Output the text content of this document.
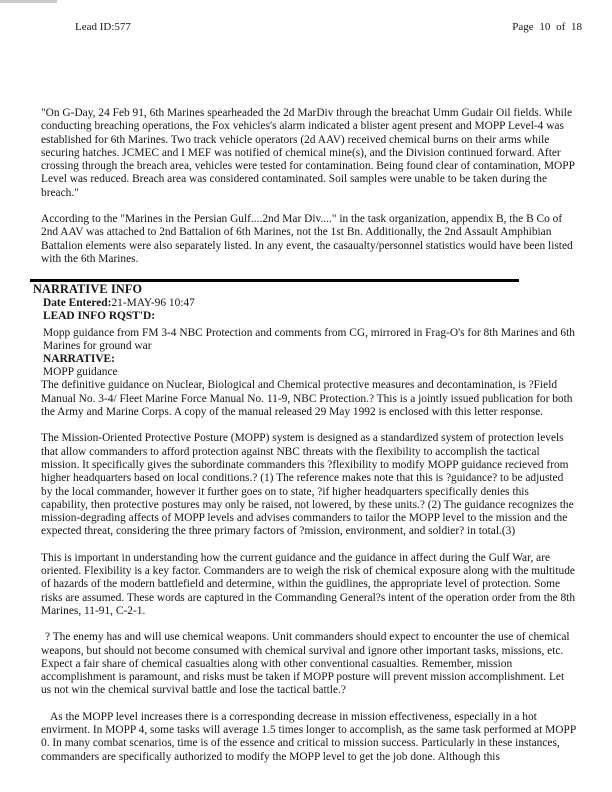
Lead ID:577	Page 10 of 18

"On G-Day, 24 Feb 91, 6th Marines spearheaded the 2d MarDiv through the breachat Umm Gudair Oil fields. While conducting breaching operations, the Fox vehicles's alarm indicated a blister agent present and MOPP Level-4 was established for 6th Marines. Two track vehicle operators (2d AAV) received chemical burns on their arms while securing hatches. JCMEC and I MEF was notified of chemical mine(s), and the Division continued forward. After crossing through the breach area, vehicles were tested for contamination. Being found clear of contamination, MOPP Level was reduced. Breach area was considered contaminated. Soil samples were unable to be taken during the breach."

According to the "Marines in the Persian Gulf....2nd Mar Div...." in the task organization, appendix B, the B Co of 2nd AAV was attached to 2nd Battalion of 6th Marines, not the 1st Bn. Additionally, the 2nd Assault Amphibian Battalion elements were also separately listed. In any event, the casaualty/personnel statistics would have been listed with the 6th Marines.

NARRATIVE INFO
Date Entered:21-MAY-96 10:47
LEAD INFO RQST'D:

Mopp guidance from FM 3-4 NBC Protection and comments from CG, mirrored in Frag-O's for 8th Marines and 6th Marines for ground war

NARRATIVE:

MOPP guidance

The definitive guidance on Nuclear, Biological and Chemical protective measures and decontamination, is ?Field Manual No. 3-4/ Fleet Marine Force Manual No. 11-9, NBC Protection.? This is a jointly issued publication for both the Army and Marine Corps. A copy of the manual released 29 May 1992 is enclosed with this letter response.

The Mission-Oriented Protective Posture (MOPP) system is designed as a standardized system of protection levels that allow commanders to afford protection against NBC threats with the flexibility to accomplish the tactical mission. It specifically gives the subordinate commanders this ?flexibility to modify MOPP guidance recieved from higher headquarters based on local conditions.? (1) The reference makes note that this is ?guidance? to be adjusted by the local commander, however it further goes on to state, ?if higher headquarters specifically denies this capability, then protective postures may only be raised, not lowered, by these units.? (2) The guidance recognizes the mission-degrading affects of MOPP levels and advises commanders to tailor the MOPP level to the mission and the expected threat, considering the three primary factors of ?mission, environment, and soldier? in total.(3)

This is important in understanding how the current guidance and the guidance in affect during the Gulf War, are oriented. Flexibility is a key factor. Commanders are to weigh the risk of chemical exposure along with the multitude of hazards of the modern battlefield and determine, within the guidlines, the appropriate level of protection. Some risks are assumed. These words are captured in the Commanding General?s intent of the operation order from the 8th Marines, 11-91, C-2-1.

? The enemy has and will use chemical weapons. Unit commanders should expect to encounter the use of chemical weapons, but should not become consumed with chemical survival and ignore other important tasks, missions, etc. Expect a fair share of chemical casualties along with other conventional casualties. Remember, mission accomplishment is paramount, and risks must be taken if MOPP posture will prevent mission accomplishment. Let us not win the chemical survival battle and lose the tactical battle.?

As the MOPP level increases there is a corresponding decrease in mission effectiveness, especially in a hot envirment. In MOPP 4, some tasks will average 1.5 times longer to accomplish, as the same task performed at MOPP 0. In many combat scenarios, time is of the essence and critical to mission success. Particularly in these instances, commanders are specifically authorized to modify the MOPP level to get the job done. Although this
